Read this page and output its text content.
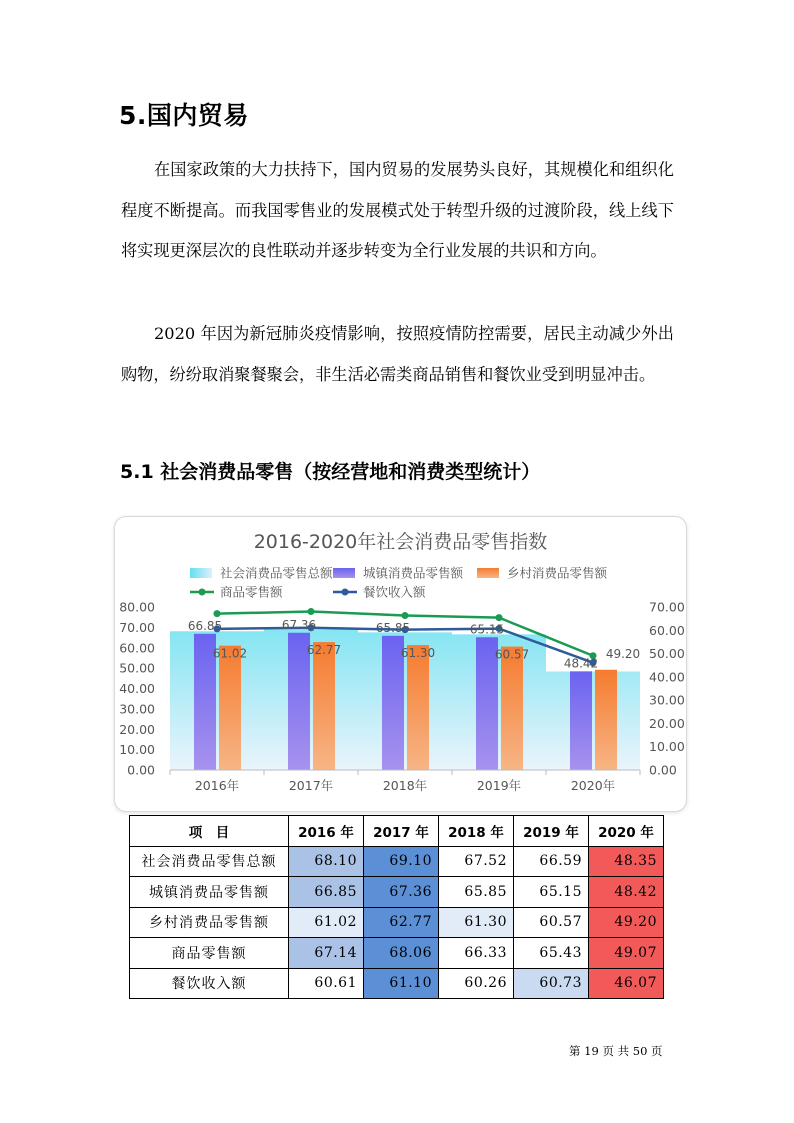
5.国内贸易

在国家政策的大力扶持下，国内贸易的发展势头良好，其规模化和组织化程度不断提高。而我国零售业的发展模式处于转型升级的过渡阶段，线上线下将实现更深层次的良性联动并逐步转变为全行业发展的共识和方向。

2020 年因为新冠肺炎疫情影响，按照疫情防控需要，居民主动减少外出购物，纷纷取消聚餐聚会，非生活必需类商品销售和餐饮业受到明显冲击。

5.1 社会消费品零售（按经营地和消费类型统计）
2016-2020年社会消费品零售指数
社会消费品零售总额 城镇消费品零售额	乡村消费品零售额
商品零售额	餐饮收入额
0.00
10.00
20.00
30.00
40.00
50.00
60.00
70.00
80.00
0.00
10.00
20.00
30.00
40.00
50.00
60.00
70.00
2016年	2017年	2018年	2019年	2020年
66.85
61.02
67.36
62.77
65.85
61.30
65.15
60.57
48.42
49.20
项　目	2016 年	2017 年	2018 年	2019 年	2020 年
社会消费品零售总额	68.10	69.10	67.52	66.59	48.35
城镇消费品零售额	66.85	67.36	65.85	65.15	48.42
乡村消费品零售额	61.02	62.77	61.30	60.57	49.20
商品零售额	67.14	68.06	66.33	65.43	49.07
餐饮收入额	60.61	61.10	60.26	60.73	46.07
第 19 页 共 50 页
